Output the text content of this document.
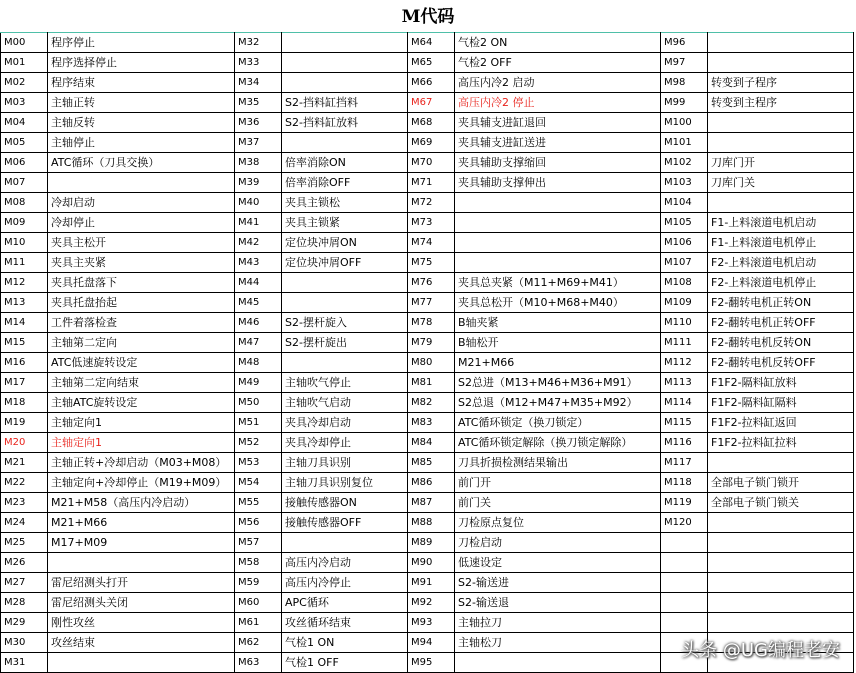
M代码
M00	程序停止	M32		M64	气检2 ON	M96	
M01	程序选择停止	M33		M65	气检2 OFF	M97	
M02	程序结束	M34		M66	高压内冷2 启动	M98	转变到子程序
M03	主轴正转	M35	S2-挡料缸挡料	M67	高压内冷2 停止	M99	转变到主程序
M04	主轴反转	M36	S2-挡料缸放料	M68	夹具辅支进缸退回	M100	
M05	主轴停止	M37		M69	夹具辅支进缸送进	M101	
M06	ATC循环（刀具交换）	M38	倍率消除ON	M70	夹具辅助支撑缩回	M102	刀库门开
M07		M39	倍率消除OFF	M71	夹具辅助支撑伸出	M103	刀库门关
M08	冷却启动	M40	夹具主锁松	M72		M104	
M09	冷却停止	M41	夹具主锁紧	M73		M105	F1-上料滚道电机启动
M10	夹具主松开	M42	定位块冲屑ON	M74		M106	F1-上料滚道电机停止
M11	夹具主夹紧	M43	定位块冲屑OFF	M75		M107	F2-上料滚道电机启动
M12	夹具托盘落下	M44		M76	夹具总夹紧（M11+M69+M41）	M108	F2-上料滚道电机停止
M13	夹具托盘抬起	M45		M77	夹具总松开（M10+M68+M40）	M109	F2-翻转电机正转ON
M14	工件着落检查	M46	S2-摆杆旋入	M78	B轴夹紧	M110	F2-翻转电机正转OFF
M15	主轴第二定向	M47	S2-摆杆旋出	M79	B轴松开	M111	F2-翻转电机反转ON
M16	ATC低速旋转设定	M48		M80	M21+M66	M112	F2-翻转电机反转OFF
M17	主轴第二定向结束	M49	主轴吹气停止	M81	S2总进（M13+M46+M36+M91）	M113	F1F2-隔料缸放料
M18	主轴ATC旋转设定	M50	主轴吹气启动	M82	S2总退（M12+M47+M35+M92）	M114	F1F2-隔料缸隔料
M19	主轴定向1	M51	夹具冷却启动	M83	ATC循环锁定（换刀锁定）	M115	F1F2-拉料缸返回
M20	主轴定向1	M52	夹具冷却停止	M84	ATC循环锁定解除（换刀锁定解除）	M116	F1F2-拉料缸拉料
M21	主轴正转+冷却启动（M03+M08）	M53	主轴刀具识别	M85	刀具折损检测结果输出	M117	
M22	主轴定向+冷却停止（M19+M09）	M54	主轴刀具识别复位	M86	前门开	M118	全部电子锁门锁开
M23	M21+M58（高压内冷启动）	M55	接触传感器ON	M87	前门关	M119	全部电子锁门锁关
M24	M21+M66	M56	接触传感器OFF	M88	刀检原点复位	M120	
M25	M17+M09	M57		M89	刀检启动		
M26		M58	高压内冷启动	M90	低速设定		
M27	雷尼绍测头打开	M59	高压内冷停止	M91	S2-输送进		
M28	雷尼绍测头关闭	M60	APC循环	M92	S2-输送退		
M29	刚性攻丝	M61	攻丝循环结束	M93	主轴拉刀		
M30	攻丝结束	M62	气检1 ON	M94	主轴松刀		
M31		M63	气检1 OFF	M95			
头条 @UG编程老安
